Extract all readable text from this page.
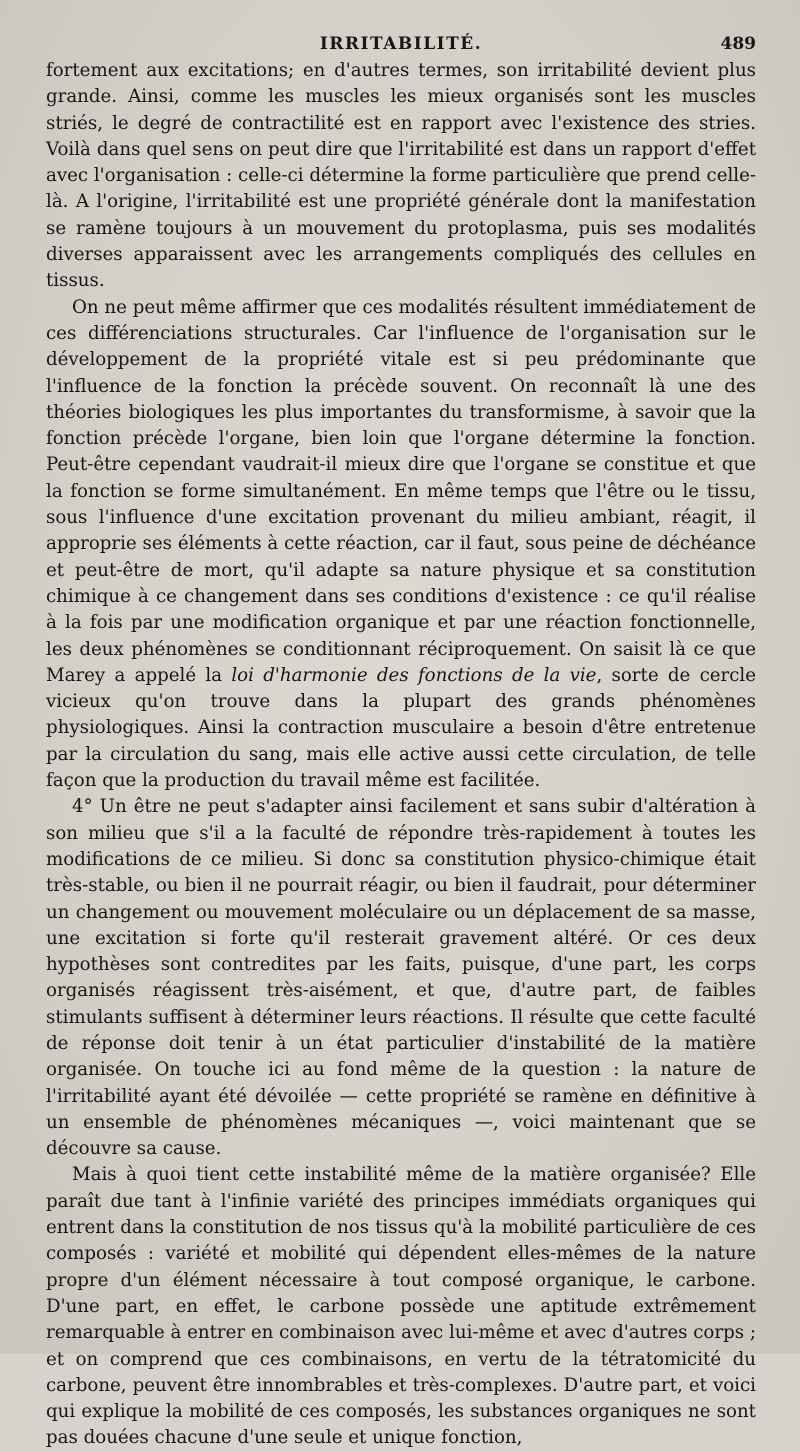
IRRITABILITÉ.	489

fortement aux excitations; en d'autres termes, son irritabilité devient plus grande. Ainsi, comme les muscles les mieux organisés sont les muscles striés, le degré de contractilité est en rapport avec l'existence des stries. Voilà dans quel sens on peut dire que l'irritabilité est dans un rapport d'effet avec l'organisation : celle-ci détermine la forme particulière que prend celle-là. A l'origine, l'irritabilité est une propriété générale dont la manifestation se ramène toujours à un mouvement du protoplasma, puis ses modalités diverses apparaissent avec les arrangements compliqués des cellules en tissus.

On ne peut même affirmer que ces modalités résultent immédiatement de ces différenciations structurales. Car l'influence de l'organisation sur le développement de la propriété vitale est si peu prédominante que l'influence de la fonction la précède souvent. On reconnaît là une des théories biologiques les plus importantes du transformisme, à savoir que la fonction précède l'organe, bien loin que l'organe détermine la fonction. Peut-être cependant vaudrait-il mieux dire que l'organe se constitue et que la fonction se forme simultanément. En même temps que l'être ou le tissu, sous l'influence d'une excitation provenant du milieu ambiant, réagit, il approprie ses éléments à cette réaction, car il faut, sous peine de déchéance et peut-être de mort, qu'il adapte sa nature physique et sa constitution chimique à ce changement dans ses conditions d'existence : ce qu'il réalise à la fois par une modification organique et par une réaction fonctionnelle, les deux phénomènes se conditionnant réciproquement. On saisit là ce que Marey a appelé la loi d'harmonie des fonctions de la vie, sorte de cercle vicieux qu'on trouve dans la plupart des grands phénomènes physiologiques. Ainsi la contraction musculaire a besoin d'être entretenue par la circulation du sang, mais elle active aussi cette circulation, de telle façon que la production du travail même est facilitée.

4° Un être ne peut s'adapter ainsi facilement et sans subir d'altération à son milieu que s'il a la faculté de répondre très-rapidement à toutes les modifications de ce milieu. Si donc sa constitution physico-chimique était très-stable, ou bien il ne pourrait réagir, ou bien il faudrait, pour déterminer un changement ou mouvement moléculaire ou un déplacement de sa masse, une excitation si forte qu'il resterait gravement altéré. Or ces deux hypothèses sont contredites par les faits, puisque, d'une part, les corps organisés réagissent très-aisément, et que, d'autre part, de faibles stimulants suffisent à déterminer leurs réactions. Il résulte que cette faculté de réponse doit tenir à un état particulier d'instabilité de la matière organisée. On touche ici au fond même de la question : la nature de l'irritabilité ayant été dévoilée — cette propriété se ramène en définitive à un ensemble de phénomènes mécaniques —, voici maintenant que se découvre sa cause.

Mais à quoi tient cette instabilité même de la matière organisée? Elle paraît due tant à l'infinie variété des principes immédiats organiques qui entrent dans la constitution de nos tissus qu'à la mobilité particulière de ces composés : variété et mobilité qui dépendent elles-mêmes de la nature propre d'un élément nécessaire à tout composé organique, le carbone. D'une part, en effet, le carbone possède une aptitude extrêmement remarquable à entrer en combinaison avec lui-même et avec d'autres corps ; et on comprend que ces combinaisons, en vertu de la tétratomicité du carbone, peuvent être innombrables et très-complexes. D'autre part, et voici qui explique la mobilité de ces composés, les substances organiques ne sont pas douées chacune d'une seule et unique fonction,
